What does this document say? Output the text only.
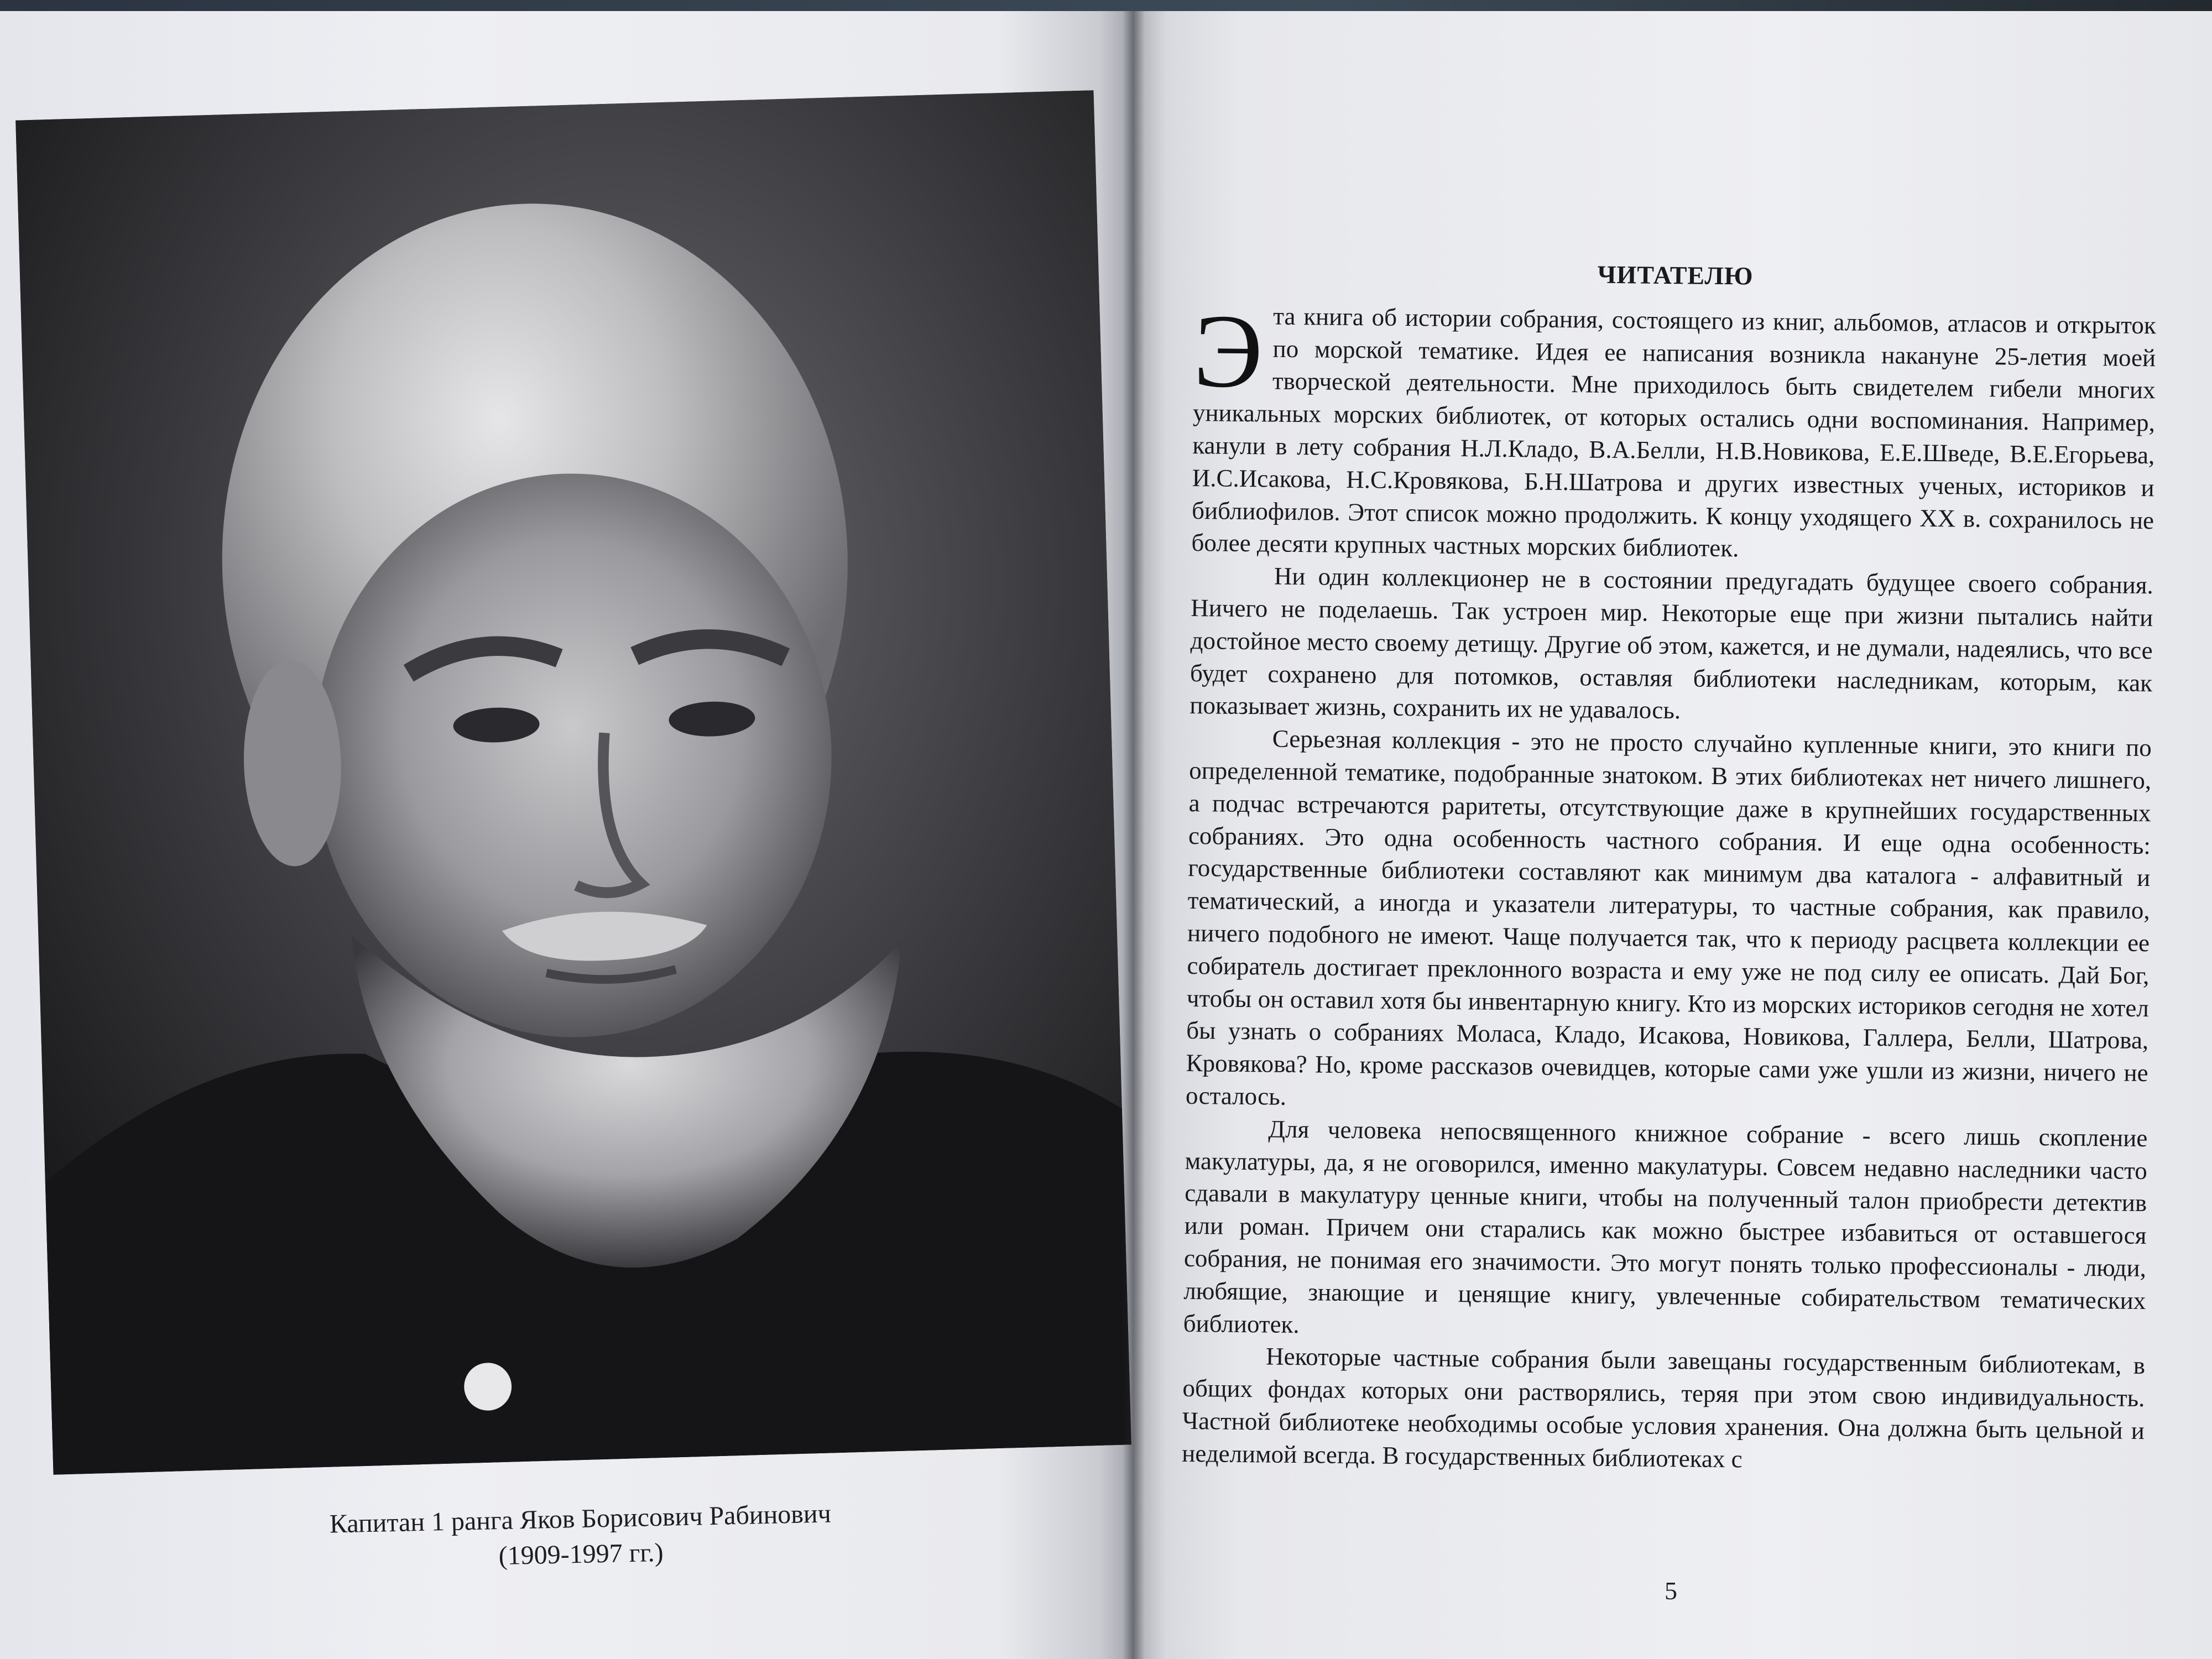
Капитан 1 ранга Яков Борисович Рабинович
(1909-1997 гг.)
ЧИТАТЕЛЮ

Эта книга об истории собрания, состоящего из книг, альбомов, атласов и открыток по морской тематике. Идея ее написания возникла накануне 25-летия моей творческой деятельности. Мне приходилось быть свидетелем гибели многих уникальных морских библиотек, от которых остались одни воспоминания. Например, канули в лету собрания Н.Л.Кладо, В.А.Белли, Н.В.Новикова, Е.Е.Шведе, В.Е.Егорьева, И.С.Исакова, Н.С.Кровякова, Б.Н.Шатрова и других известных ученых, историков и библиофилов. Этот список можно продолжить. К концу уходящего XX в. сохранилось не более десяти крупных частных морских библиотек.

Ни один коллекционер не в состоянии предугадать будущее своего собрания. Ничего не поделаешь. Так устроен мир. Некоторые еще при жизни пытались найти достойное место своему детищу. Другие об этом, кажется, и не думали, надеялись, что все будет сохранено для потомков, оставляя библиотеки наследникам, которым, как показывает жизнь, сохранить их не удавалось.

Серьезная коллекция - это не просто случайно купленные книги, это книги по определенной тематике, подобранные знатоком. В этих библиотеках нет ничего лишнего, а подчас встречаются раритеты, отсутствующие даже в крупнейших государственных собраниях. Это одна особенность частного собрания. И еще одна особенность: государственные библиотеки составляют как минимум два каталога - алфавитный и тематический, а иногда и указатели литературы, то частные собрания, как правило, ничего подобного не имеют. Чаще получается так, что к периоду расцвета коллекции ее собиратель достигает преклонного возраста и ему уже не под силу ее описать. Дай Бог, чтобы он оставил хотя бы инвентарную книгу. Кто из морских историков сегодня не хотел бы узнать о собраниях Моласа, Кладо, Исакова, Новикова, Галлера, Белли, Шатрова, Кровякова? Но, кроме рассказов очевидцев, которые сами уже ушли из жизни, ничего не осталось.

Для человека непосвященного книжное собрание - всего лишь скопление макулатуры, да, я не оговорился, именно макулатуры. Совсем недавно наследники часто сдавали в макулатуру ценные книги, чтобы на полученный талон приобрести детектив или роман. Причем они старались как можно быстрее избавиться от оставшегося собрания, не понимая его значимости. Это могут понять только профессионалы - люди, любящие, знающие и ценящие книгу, увлеченные собирательством тематических библиотек.

Некоторые частные собрания были завещаны государственным библиотекам, в общих фондах которых они растворялись, теряя при этом свою индивидуальность. Частной библиотеке необходимы особые условия хранения. Она должна быть цельной и неделимой всегда. В государственных библиотеках с

5
